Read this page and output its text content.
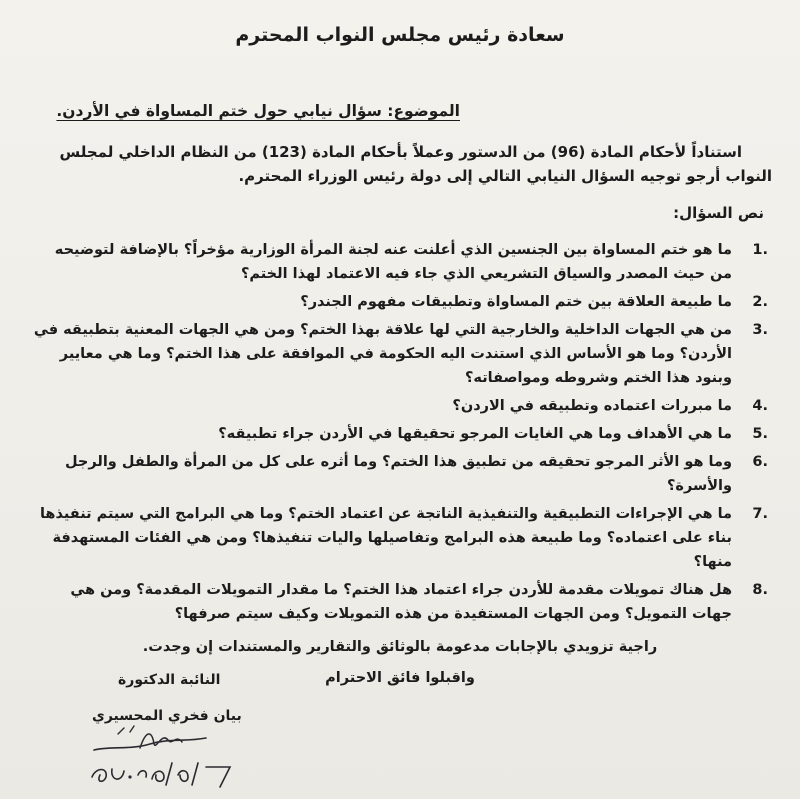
سعادة رئيس مجلس النواب المحترم
الموضوع: سؤال نيابي حول ختم المساواة في الأردن.
استناداً لأحكام المادة (96) من الدستور وعملاً بأحكام المادة (123) من النظام الداخلي لمجلس
النواب أرجو توجيه السؤال النيابي التالي إلى دولة رئيس الوزراء المحترم.
نص السؤال:
.1
ما هو ختم المساواة بين الجنسين الذي أعلنت عنه لجنة المرأة الوزارية مؤخراً؟ بالإضافة لتوضيحه من حيث المصدر والسياق التشريعي الذي جاء فيه الاعتماد لهذا الختم؟
.2
ما طبيعة العلاقة بين ختم المساواة وتطبيقات مفهوم الجندر؟
.3
من هي الجهات الداخلية والخارجية التي لها علاقة بهذا الختم؟ ومن هي الجهات المعنية بتطبيقه في الأردن؟ وما هو الأساس الذي استندت اليه الحكومة في الموافقة على هذا الختم؟ وما هي معايير وبنود هذا الختم وشروطه ومواصفاته؟
.4
ما مبررات اعتماده وتطبيقه في الاردن؟
.5
ما هي الأهداف وما هي الغايات المرجو تحقيقها في الأردن جراء تطبيقه؟
.6
وما هو الأثر المرجو تحقيقه من تطبيق هذا الختم؟ وما أثره على كل من المرأة والطفل والرجل والأسرة؟
.7
ما هي الإجراءات التطبيقية والتنفيذية الناتجة عن اعتماد الختم؟ وما هي البرامج التي سيتم تنفيذها بناء على اعتماده؟ وما طبيعة هذه البرامج وتفاصيلها واليات تنفيذها؟ ومن هي الفئات المستهدفة منها؟
.8
هل هناك تمويلات مقدمة للأردن جراء اعتماد هذا الختم؟ ما مقدار التمويلات المقدمة؟ ومن هي جهات التمويل؟ ومن الجهات المستفيدة من هذه التمويلات وكيف سيتم صرفها؟
راجية تزويدي بالإجابات مدعومة بالوثائق والتقارير والمستندات إن وجدت.
واقبلوا فائق الاحترام
النائبة الدكتورة
بيان فخري المحسيري
